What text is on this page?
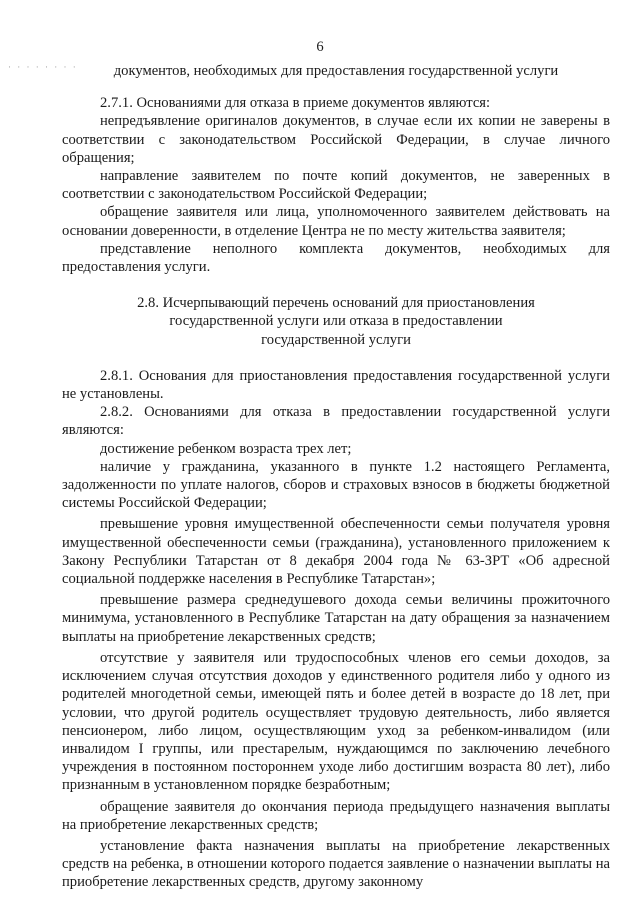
6
· · · · · · · ·	документов, необходимых для предоставления государственной услуги

2.7.1. Основаниями для отказа в приеме документов являются:

непредъявление оригиналов документов, в случае если их копии не заверены в соответствии с законодательством Российской Федерации, в случае личного обращения;

направление заявителем по почте копий документов, не заверенных в соответствии с законодательством Российской Федерации;

обращение заявителя или лица, уполномоченного заявителем действовать на основании доверенности, в отделение Центра не по месту жительства заявителя;

представление неполного комплекта документов, необходимых для предоставления услуги.

2.8. Исчерпывающий перечень оснований для приостановления

государственной услуги или отказа в предоставлении

государственной услуги

2.8.1. Основания для приостановления предоставления государственной услуги не установлены.

2.8.2. Основаниями для отказа в предоставлении государственной услуги являются:

достижение ребенком возраста трех лет;

наличие у гражданина, указанного в пункте 1.2 настоящего Регламента, задолженности по уплате налогов, сборов и страховых взносов в бюджеты бюджетной системы Российской Федерации;

превышение уровня имущественной обеспеченности семьи получателя уровня имущественной обеспеченности семьи (гражданина), установленного приложением к Закону Республики Татарстан от 8 декабря 2004 года № 63-ЗРТ «Об адресной социальной поддержке населения в Республике Татарстан»;

превышение размера среднедушевого дохода семьи величины прожиточного минимума, установленного в Республике Татарстан на дату обращения за назначением выплаты на приобретение лекарственных средств;

отсутствие у заявителя или трудоспособных членов его семьи доходов, за исключением случая отсутствия доходов у единственного родителя либо у одного из родителей многодетной семьи, имеющей пять и более детей в возрасте до 18 лет, при условии, что другой родитель осуществляет трудовую деятельность, либо является пенсионером, либо лицом, осуществляющим уход за ребенком-инвалидом (или инвалидом I группы, или престарелым, нуждающимся по заключению лечебного учреждения в постоянном постороннем уходе либо достигшим возраста 80 лет), либо признанным в установленном порядке безработным;

обращение заявителя до окончания периода предыдущего назначения выплаты на приобретение лекарственных средств;

установление факта назначения выплаты на приобретение лекарственных средств на ребенка, в отношении которого подается заявление о назначении выплаты на приобретение лекарственных средств, другому законному
